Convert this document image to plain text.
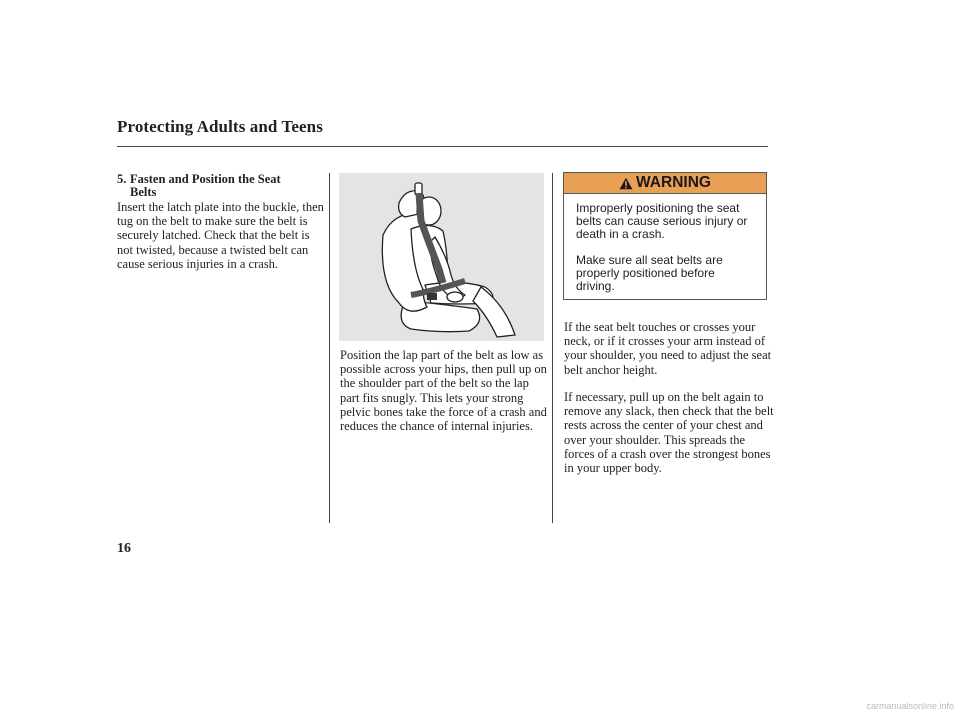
Protecting Adults and Teens
5. Fasten and Position the Seat
Belts

Insert the latch plate into the buckle, then tug on the belt to make sure the belt is securely latched. Check that the belt is not twisted, because a twisted belt can cause serious injuries in a crash.

Position the lap part of the belt as low as possible across your hips, then pull up on the shoulder part of the belt so the lap part fits snugly. This lets your strong pelvic bones take the force of a crash and reduces the chance of internal injuries.

WARNING

Improperly positioning the seat belts can cause serious injury or death in a crash.

Make sure all seat belts are properly positioned before driving.

If the seat belt touches or crosses your neck, or if it crosses your arm instead of your shoulder, you need to adjust the seat belt anchor height.

If necessary, pull up on the belt again to remove any slack, then check that the belt rests across the center of your chest and over your shoulder. This spreads the forces of a crash over the strongest bones in your upper body.

16
carmanualsonline.info
